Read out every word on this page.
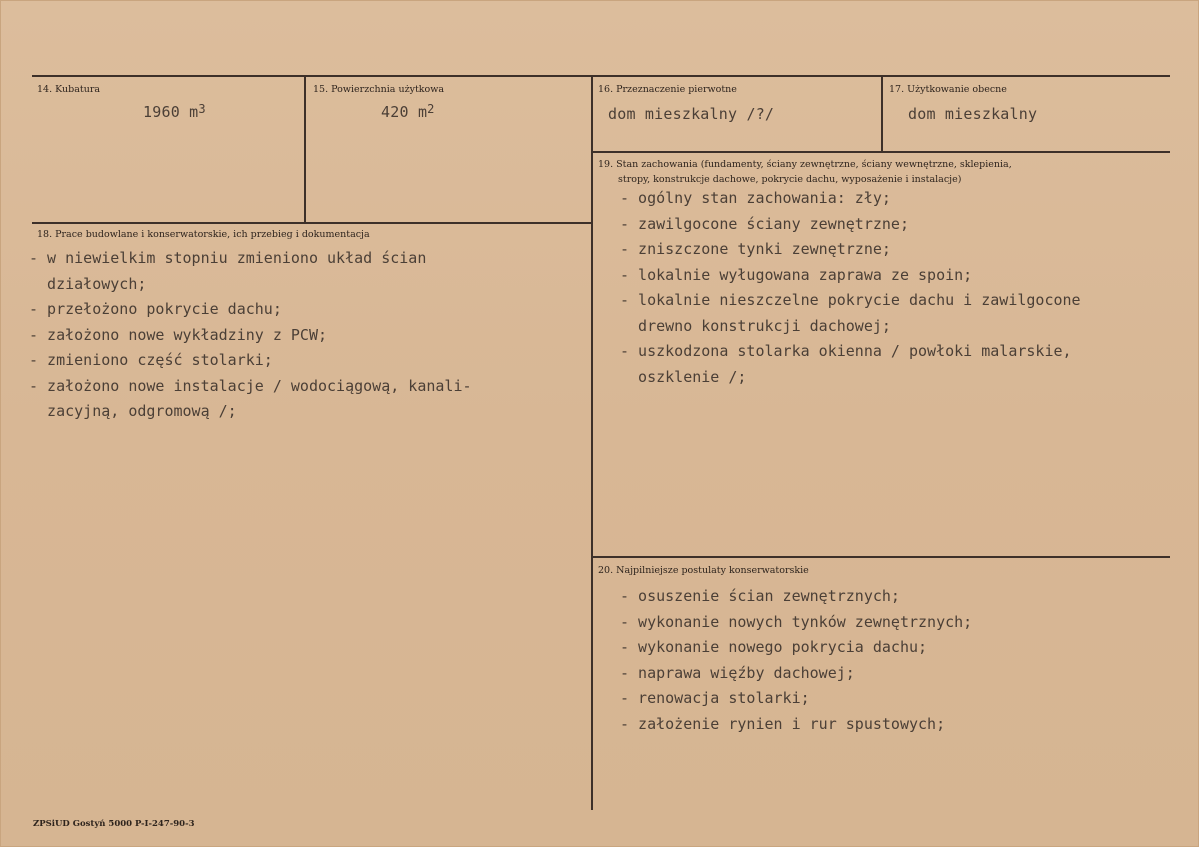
14. Kubatura
1960 $m^3$
15. Powierzchnia użytkowa
420 $m^2$
16. Przeznaczenie pierwotne
dom mieszkalny /?/
17. Użytkowanie obecne
dom mieszkalny
19. Stan zachowania (fundamenty, ściany zewnętrzne, ściany wewnętrzne, sklepienia,
stropy, konstrukcje dachowe, pokrycie dachu, wyposażenie i instalacje)
- ogólny stan zachowania: zły;
- zawilgocone ściany zewnętrzne;
- zniszczone tynki zewnętrzne;
- lokalnie wyługowana zaprawa ze spoin;
- lokalnie nieszczelne pokrycie dachu i zawilgocone
drewno konstrukcji dachowej;
- uszkodzona stolarka okienna / powłoki malarskie,
oszklenie /;
18. Prace budowlane i konserwatorskie, ich przebieg i dokumentacja
- w niewielkim stopniu zmieniono układ ścian
działowych;
- przełożono pokrycie dachu;
- założono nowe wykładziny z PCW;
- zmieniono część stolarki;
- założono nowe instalacje / wodociągową, kanali-
zacyjną, odgromową /;
20. Najpilniejsze postulaty konserwatorskie
- osuszenie ścian zewnętrznych;
- wykonanie nowych tynków zewnętrznych;
- wykonanie nowego pokrycia dachu;
- naprawa więźby dachowej;
- renowacja stolarki;
- założenie rynien i rur spustowych;
ZPSiUD Gostyń 5000 P-I-247-90-3
